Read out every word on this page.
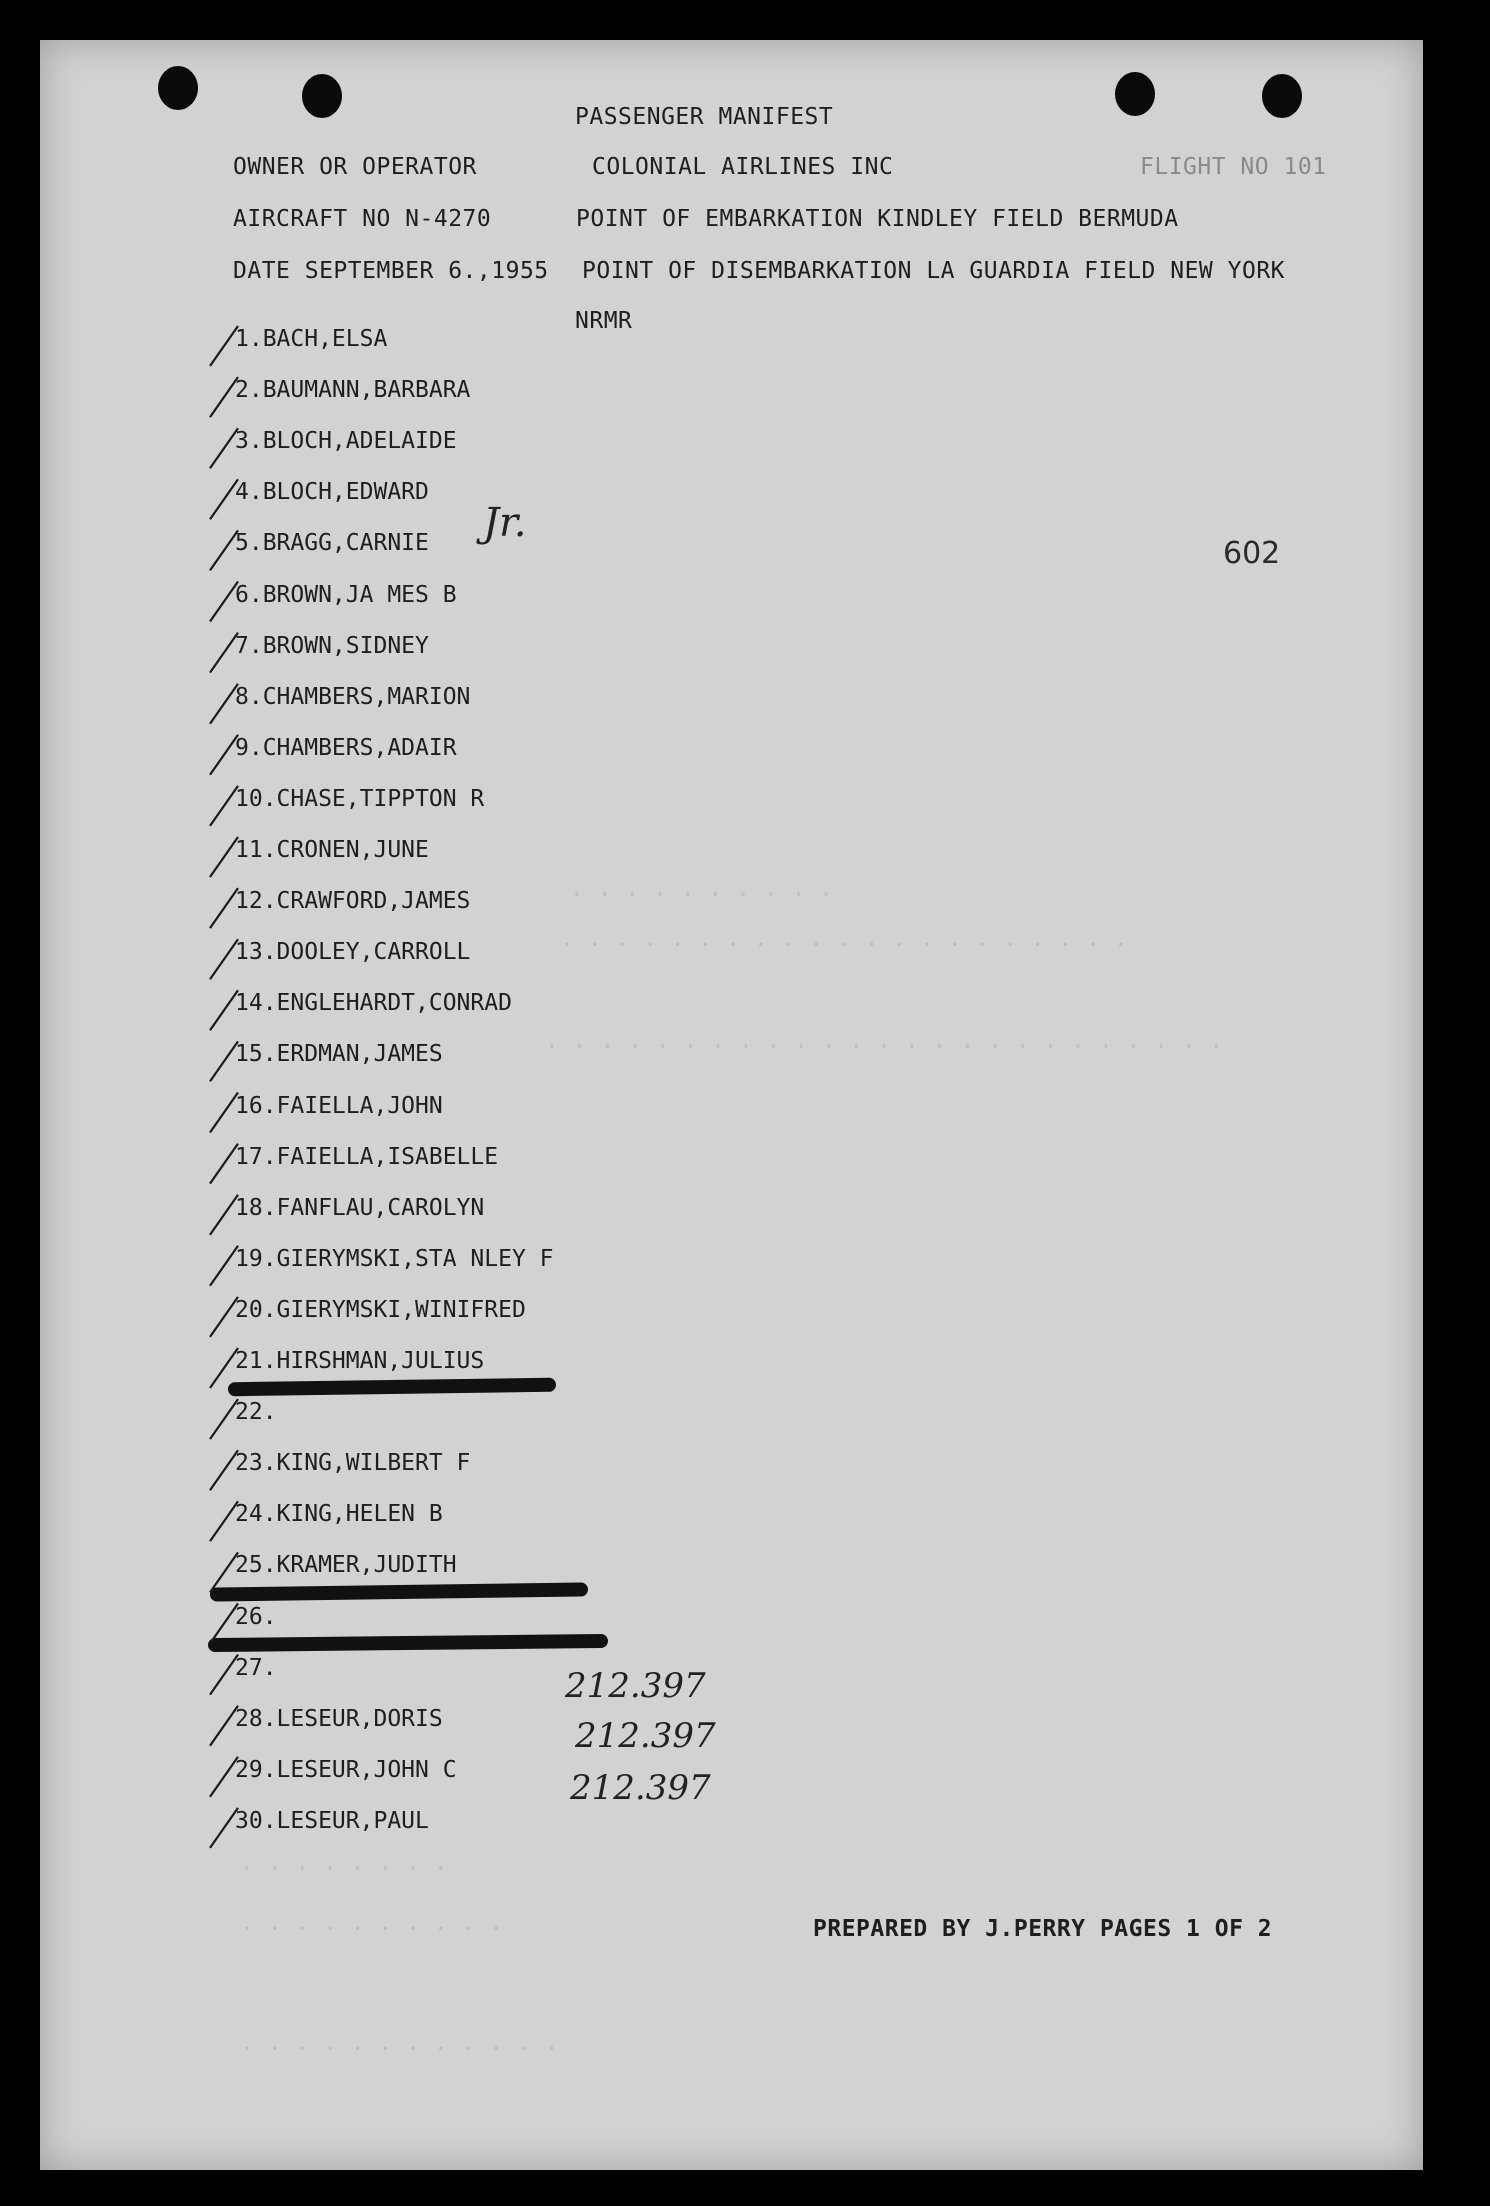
PASSENGER MANIFEST
OWNER OR OPERATOR	COLONIAL AIRLINES INC	FLIGHT NO 101
AIRCRAFT NO N-4270	POINT OF EMBARKATION KINDLEY FIELD BERMUDA
DATE SEPTEMBER 6.,1955 POINT OF DISEMBARKATION LA GUARDIA FIELD NEW YORK
NRMR
602
. . . . . . . . . .
. . . . . . . . . . . . . . . . . . . . .
. . . . . . . . . . . . . . . . . . . . . . . . .
. . . . . . . .
. . . . . . . . . .
. . . . . . . . . . . .
1.BACH,ELSA
2.BAUMANN,BARBARA
3.BLOCH,ADELAIDE
4.BLOCH,EDWARD
5.BRAGG,CARNIE
6.BROWN,JA MES B
7.BROWN,SIDNEY
8.CHAMBERS,MARION
9.CHAMBERS,ADAIR
10.CHASE,TIPPTON R
11.CRONEN,JUNE
12.CRAWFORD,JAMES
13.DOOLEY,CARROLL
14.ENGLEHARDT,CONRAD
15.ERDMAN,JAMES
16.FAIELLA,JOHN
17.FAIELLA,ISABELLE
18.FANFLAU,CAROLYN
19.GIERYMSKI,STA NLEY F
20.GIERYMSKI,WINIFRED
21.HIRSHMAN,JULIUS
22.
23.KING,WILBERT F
24.KING,HELEN B
25.KRAMER,JUDITH
26.
27.
28.LESEUR,DORIS
29.LESEUR,JOHN C
30.LESEUR,PAUL
Jr.
212.397
212.397
212.397
PREPARED BY J.PERRY PAGES 1 OF 2
